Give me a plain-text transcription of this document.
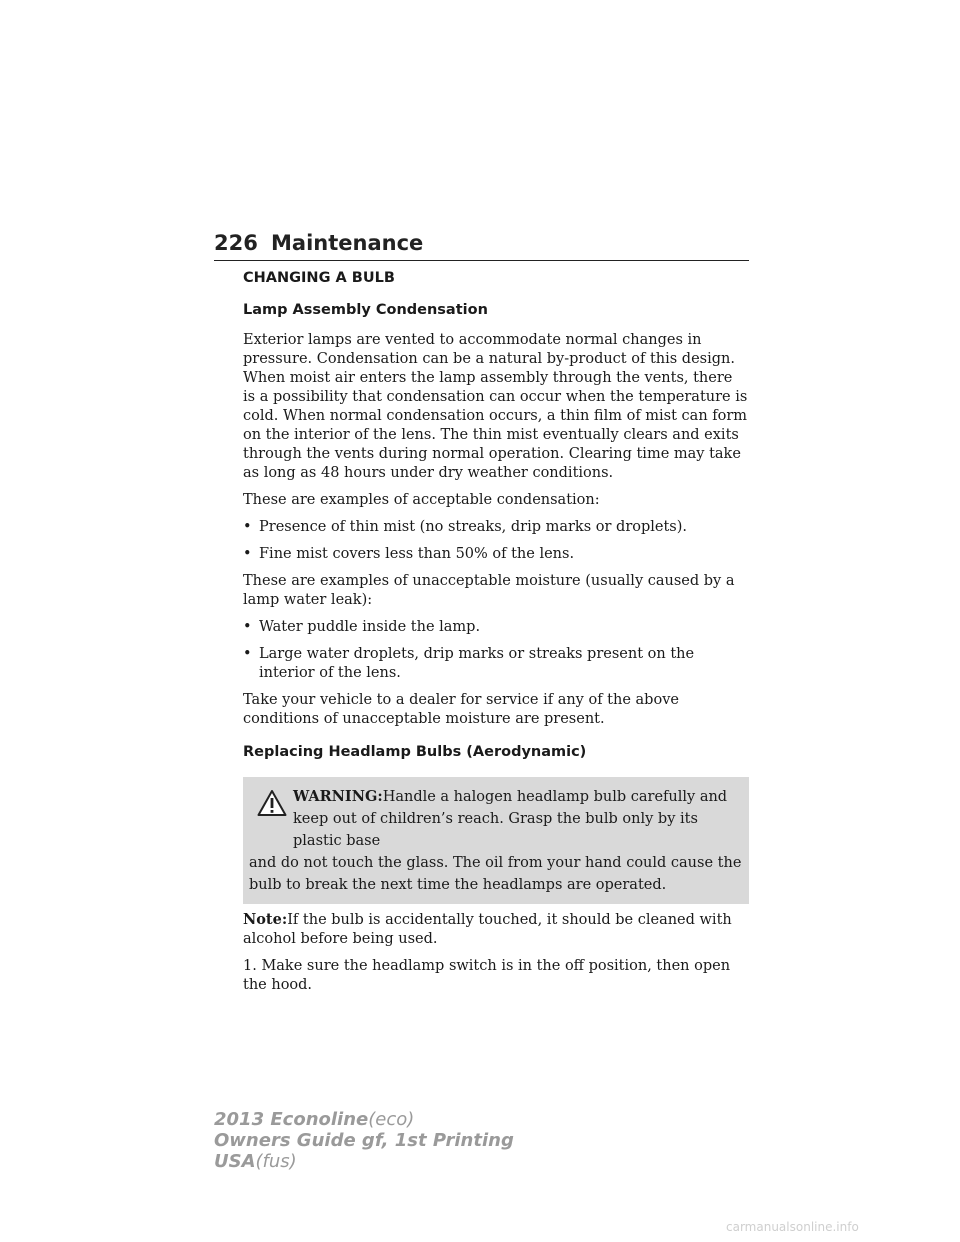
226 Maintenance
CHANGING A BULB
Lamp Assembly Condensation

Exterior lamps are vented to accommodate normal changes in pressure. Condensation can be a natural by-product of this design. When moist air enters the lamp assembly through the vents, there is a possibility that condensation can occur when the temperature is cold. When normal condensation occurs, a thin film of mist can form on the interior of the lens. The thin mist eventually clears and exits through the vents during normal operation. Clearing time may take as long as 48 hours under dry weather conditions.

These are examples of acceptable condensation:

• Presence of thin mist (no streaks, drip marks or droplets).
• Fine mist covers less than 50% of the lens.

These are examples of unacceptable moisture (usually caused by a lamp water leak):

• Water puddle inside the lamp.
• Large water droplets, drip marks or streaks present on the interior of the lens.

Take your vehicle to a dealer for service if any of the above conditions of unacceptable moisture are present.

Replacing Headlamp Bulbs (Aerodynamic)
WARNING:Handle a halogen headlamp bulb carefully and keep out of children’s reach. Grasp the bulb only by its plastic base
and do not touch the glass. The oil from your hand could cause the bulb to break the next time the headlamps are operated.

Note:If the bulb is accidentally touched, it should be cleaned with alcohol before being used.

1. Make sure the headlamp switch is in the off position, then open the hood.

2013 Econoline(eco)
Owners Guide gf, 1st Printing
USA(fus)
carmanualsonline.info
